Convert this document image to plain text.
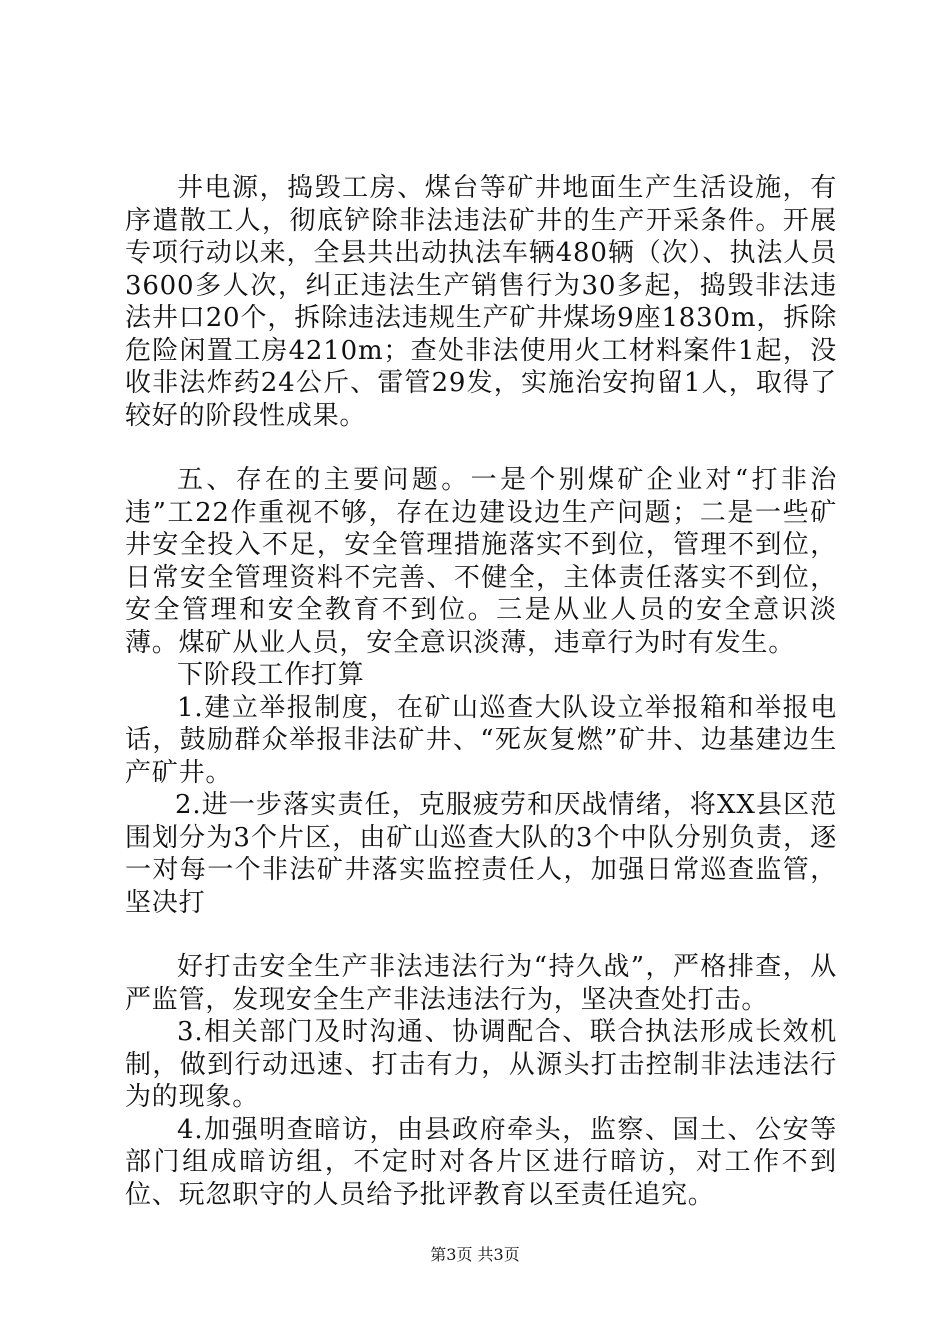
井电源，捣毁工房、煤台等矿井地面生产生活设施，有序遣散工人，彻底铲除非法违法矿井的生产开采条件。开展专项行动以来，全县共出动执法车辆480辆（次）、执法人员3600多人次，纠正违法生产销售行为30多起，捣毁非法违法井口20个，拆除违法违规生产矿井煤场9座1830m，拆除危险闲置工房4210m；查处非法使用火工材料案件1起，没收非法炸药24公斤、雷管29发，实施治安拘留1人，取得了较好的阶段性成果。

五、存在的主要问题。一是个别煤矿企业对“打非治违”工22作重视不够，存在边建设边生产问题；二是一些矿井安全投入不足，安全管理措施落实不到位，管理不到位，日常安全管理资料不完善、不健全，主体责任落实不到位，安全管理和安全教育不到位。三是从业人员的安全意识淡薄。煤矿从业人员，安全意识淡薄，违章行为时有发生。

下阶段工作打算

1.建立举报制度，在矿山巡查大队设立举报箱和举报电话，鼓励群众举报非法矿井、“死灰复燃”矿井、边基建边生产矿井。

2.进一步落实责任，克服疲劳和厌战情绪，将XX县区范围划分为3个片区，由矿山巡查大队的3个中队分别负责，逐一对每一个非法矿井落实监控责任人，加强日常巡查监管，坚决打

好打击安全生产非法违法行为“持久战”，严格排查，从严监管，发现安全生产非法违法行为，坚决查处打击。

3.相关部门及时沟通、协调配合、联合执法形成长效机制，做到行动迅速、打击有力，从源头打击控制非法违法行为的现象。

4.加强明查暗访，由县政府牵头，监察、国土、公安等部门组成暗访组，不定时对各片区进行暗访，对工作不到位、玩忽职守的人员给予批评教育以至责任追究。

第3页 共3页
